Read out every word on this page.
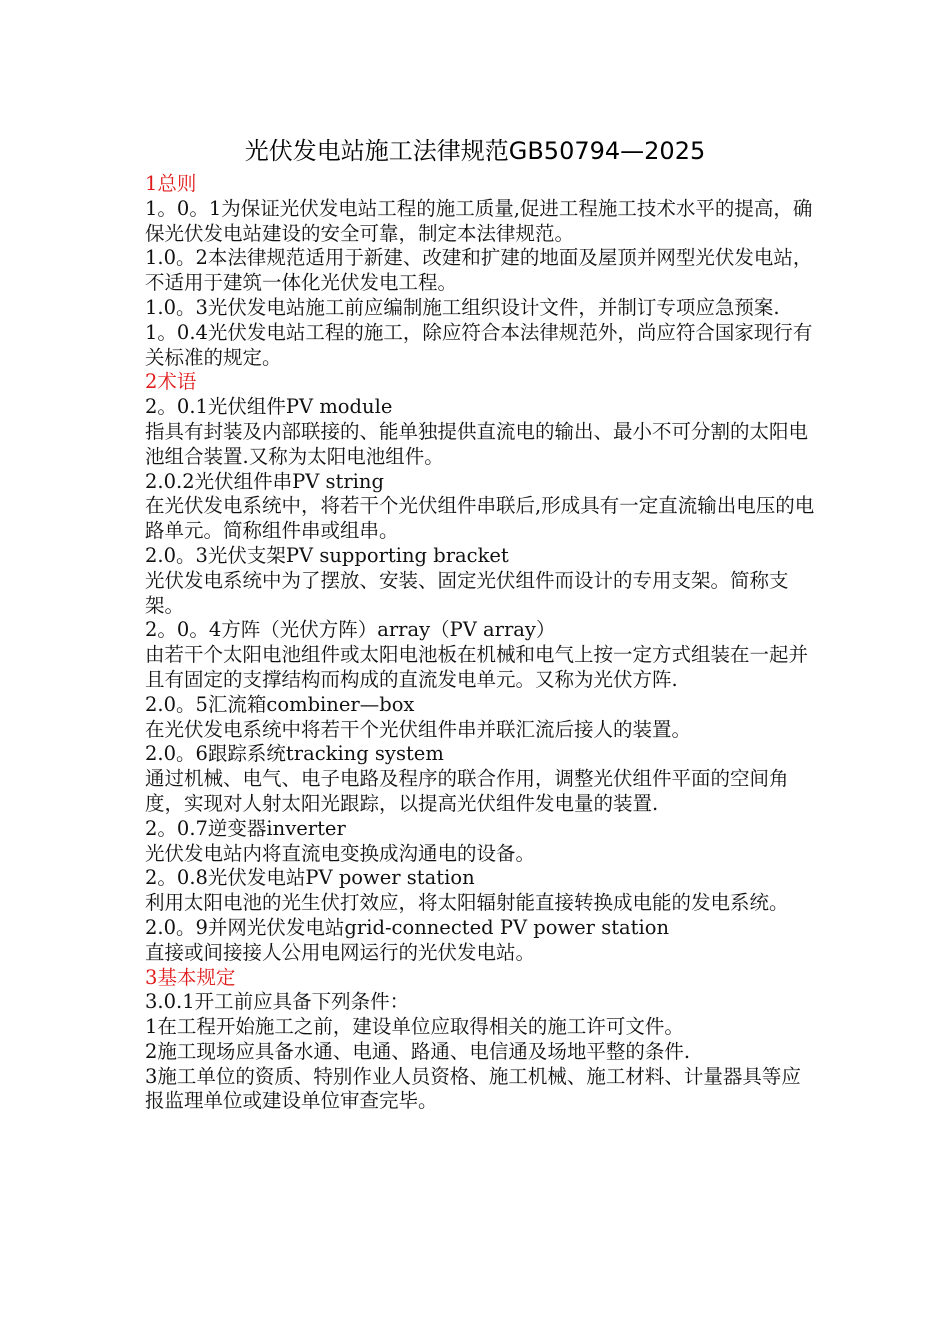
光伏发电站施工法律规范GB50794—2025

1总则

1。0。1为保证光伏发电站工程的施工质量,促进工程施工技术水平的提高，确保光伏发电站建设的安全可靠，制定本法律规范。

1.0。2本法律规范适用于新建、改建和扩建的地面及屋顶并网型光伏发电站，不适用于建筑一体化光伏发电工程。

1.0。3光伏发电站施工前应编制施工组织设计文件，并制订专项应急预案.

1。0.4光伏发电站工程的施工，除应符合本法律规范外，尚应符合国家现行有关标准的规定。

2术语

2。0.1光伏组件PV module

指具有封装及内部联接的、能单独提供直流电的输出、最小不可分割的太阳电池组合装置.又称为太阳电池组件。

2.0.2光伏组件串PV string

在光伏发电系统中，将若干个光伏组件串联后,形成具有一定直流输出电压的电路单元。简称组件串或组串。

2.0。3光伏支架PV supporting bracket

光伏发电系统中为了摆放、安装、固定光伏组件而设计的专用支架。简称支架。

2。0。4方阵（光伏方阵）array（PV array）

由若干个太阳电池组件或太阳电池板在机械和电气上按一定方式组装在一起并且有固定的支撑结构而构成的直流发电单元。又称为光伏方阵.

2.0。5汇流箱combiner—box

在光伏发电系统中将若干个光伏组件串并联汇流后接人的装置。

2.0。6跟踪系统tracking system

通过机械、电气、电子电路及程序的联合作用，调整光伏组件平面的空间角度，实现对人射太阳光跟踪，以提高光伏组件发电量的装置.

2。0.7逆变器inverter

光伏发电站内将直流电变换成沟通电的设备。

2。0.8光伏发电站PV power station

利用太阳电池的光生伏打效应，将太阳辐射能直接转换成电能的发电系统。

2.0。9并网光伏发电站grid-connected PV power station

直接或间接接人公用电网运行的光伏发电站。

3基本规定

3.0.1开工前应具备下列条件：

1在工程开始施工之前，建设单位应取得相关的施工许可文件。

2施工现场应具备水通、电通、路通、电信通及场地平整的条件.

3施工单位的资质、特别作业人员资格、施工机械、施工材料、计量器具等应报监理单位或建设单位审查完毕。
